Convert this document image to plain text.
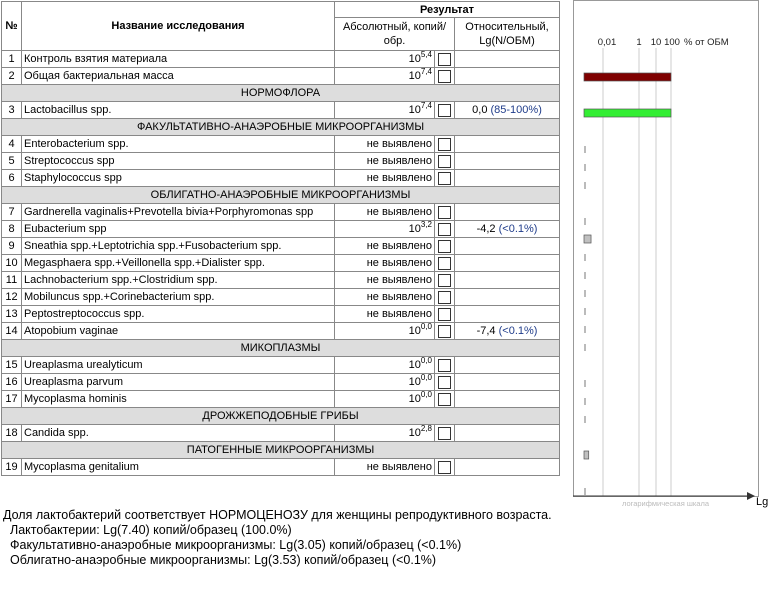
№	Название исследования	Результат		
		Абсолютный, копий/обр.		Относительный, Lg(N/OБМ)
1	Контроль взятия материала	10$^{5,4}$	

2	Общая бактериальная масса	10$^{7,4}$	

НОРМОФЛОРА				
3	Lactobacillus spp.	10$^{7,4}$		0,0 (85-100%)
ФАКУЛЬТАТИВНО-АНАЭРОБНЫЕ МИКРООРГАНИЗМЫ				
4	Enterobacterium spp.	не выявлено	

5	Streptococcus spp	не выявлено	

6	Staphylococcus spp	не выявлено	

ОБЛИГАТНО-АНАЭРОБНЫЕ МИКРООРГАНИЗМЫ				
7	Gardnerella vaginalis+Prevotella bivia+Porphyromonas spp	не выявлено	

8	Eubacterium spp	10$^{3,2}$		-4,2 (<0.1%)
9	Sneathia spp.+Leptotrichia spp.+Fusobacterium spp.	не выявлено	

10	Megasphaera spp.+Veillonella spp.+Dialister spp.	не выявлено	

11	Lachnobacterium spp.+Clostridium spp.	не выявлено	

12	Mobiluncus spp.+Corinebacterium spp.	не выявлено	

13	Peptostreptococcus spp.	не выявлено	

14	Atopobium vaginae	10$^{0,0}$		-7,4 (<0.1%)
МИКОПЛАЗМЫ				
15	Ureaplasma urealyticum	10$^{0,0}$	

16	Ureaplasma parvum	10$^{0,0}$	

17	Mycoplasma hominis	10$^{0,0}$	

ДРОЖЖЕПОДОБНЫЕ ГРИБЫ				
18	Candida spp.	10$^{2,8}$	

ПАТОГЕННЫЕ МИКРООРГАНИЗМЫ				
19	Mycoplasma genitalium	не выявлено	

0,01 1 10 100 % от ОБМ
логарифмическая шкала	Lg
Доля лактобактерий соответствует НОРМОЦЕНОЗУ для женщины репродуктивного возраста.
Лактобактерии: Lg(7.40) копий/образец (100.0%)
Факультативно-анаэробные микроорганизмы: Lg(3.05) копий/образец (<0.1%)
Облигатно-анаэробные микроорганизмы: Lg(3.53) копий/образец (<0.1%)
